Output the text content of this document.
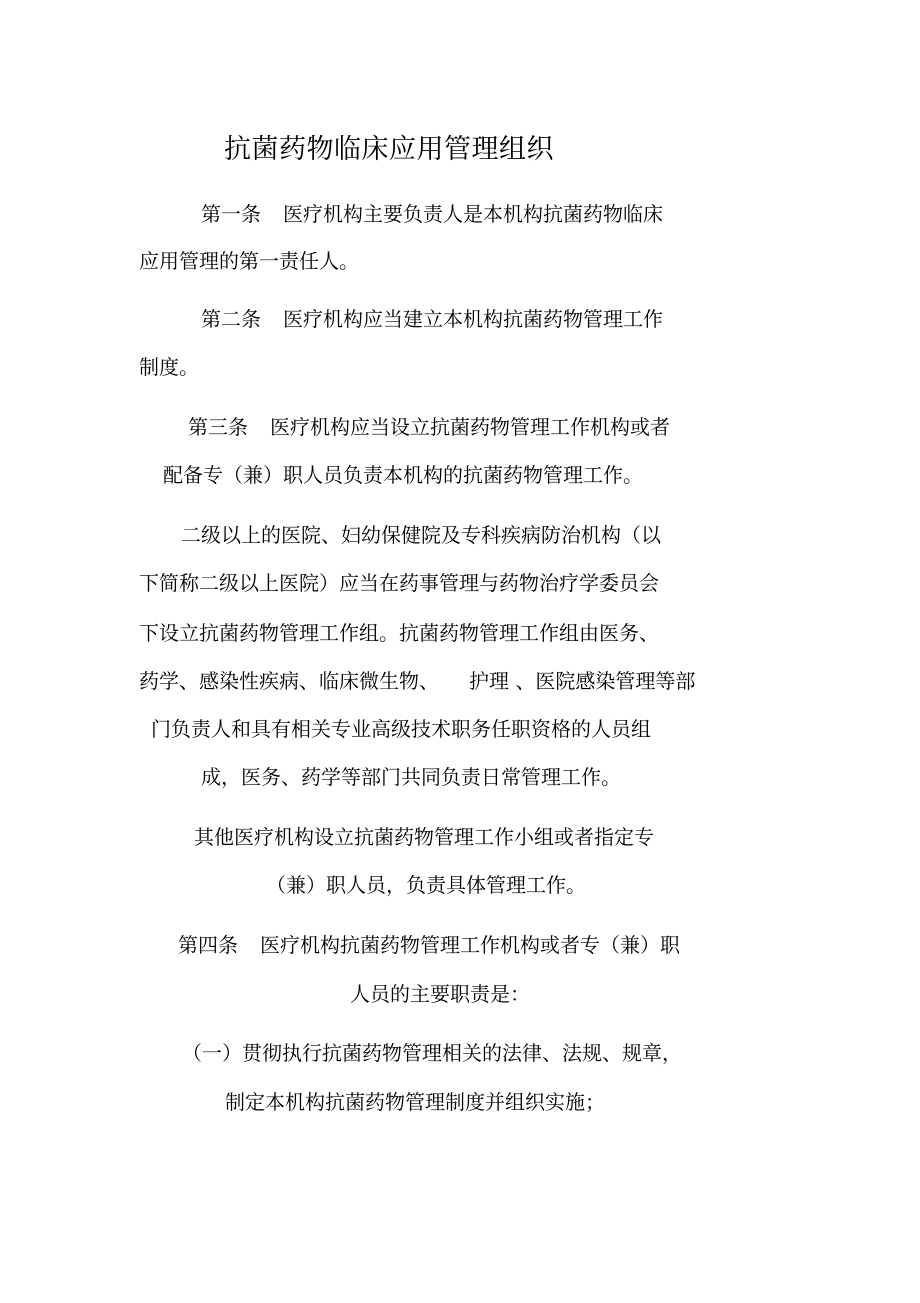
抗菌药物临床应用管理组织
第一条 医疗机构主要负责人是本机构抗菌药物临床
应用管理的第一责任人。
第二条 医疗机构应当建立本机构抗菌药物管理工作
制度。
第三条 医疗机构应当设立抗菌药物管理工作机构或者
配备专（兼）职人员负责本机构的抗菌药物管理工作。
二级以上的医院、妇幼保健院及专科疾病防治机构（以
下简称二级以上医院）应当在药事管理与药物治疗学委员会
下设立抗菌药物管理工作组。抗菌药物管理工作组由医务、
药学、感染性疾病、临床微生物、　　护理 、医院感染管理等部
门负责人和具有相关专业高级技术职务任职资格的人员组
成，医务、药学等部门共同负责日常管理工作。
其他医疗机构设立抗菌药物管理工作小组或者指定专
（兼）职人员，负责具体管理工作。
第四条 医疗机构抗菌药物管理工作机构或者专（兼）职
人员的主要职责是：
（一）贯彻执行抗菌药物管理相关的法律、法规、规章，
制定本机构抗菌药物管理制度并组织实施；
